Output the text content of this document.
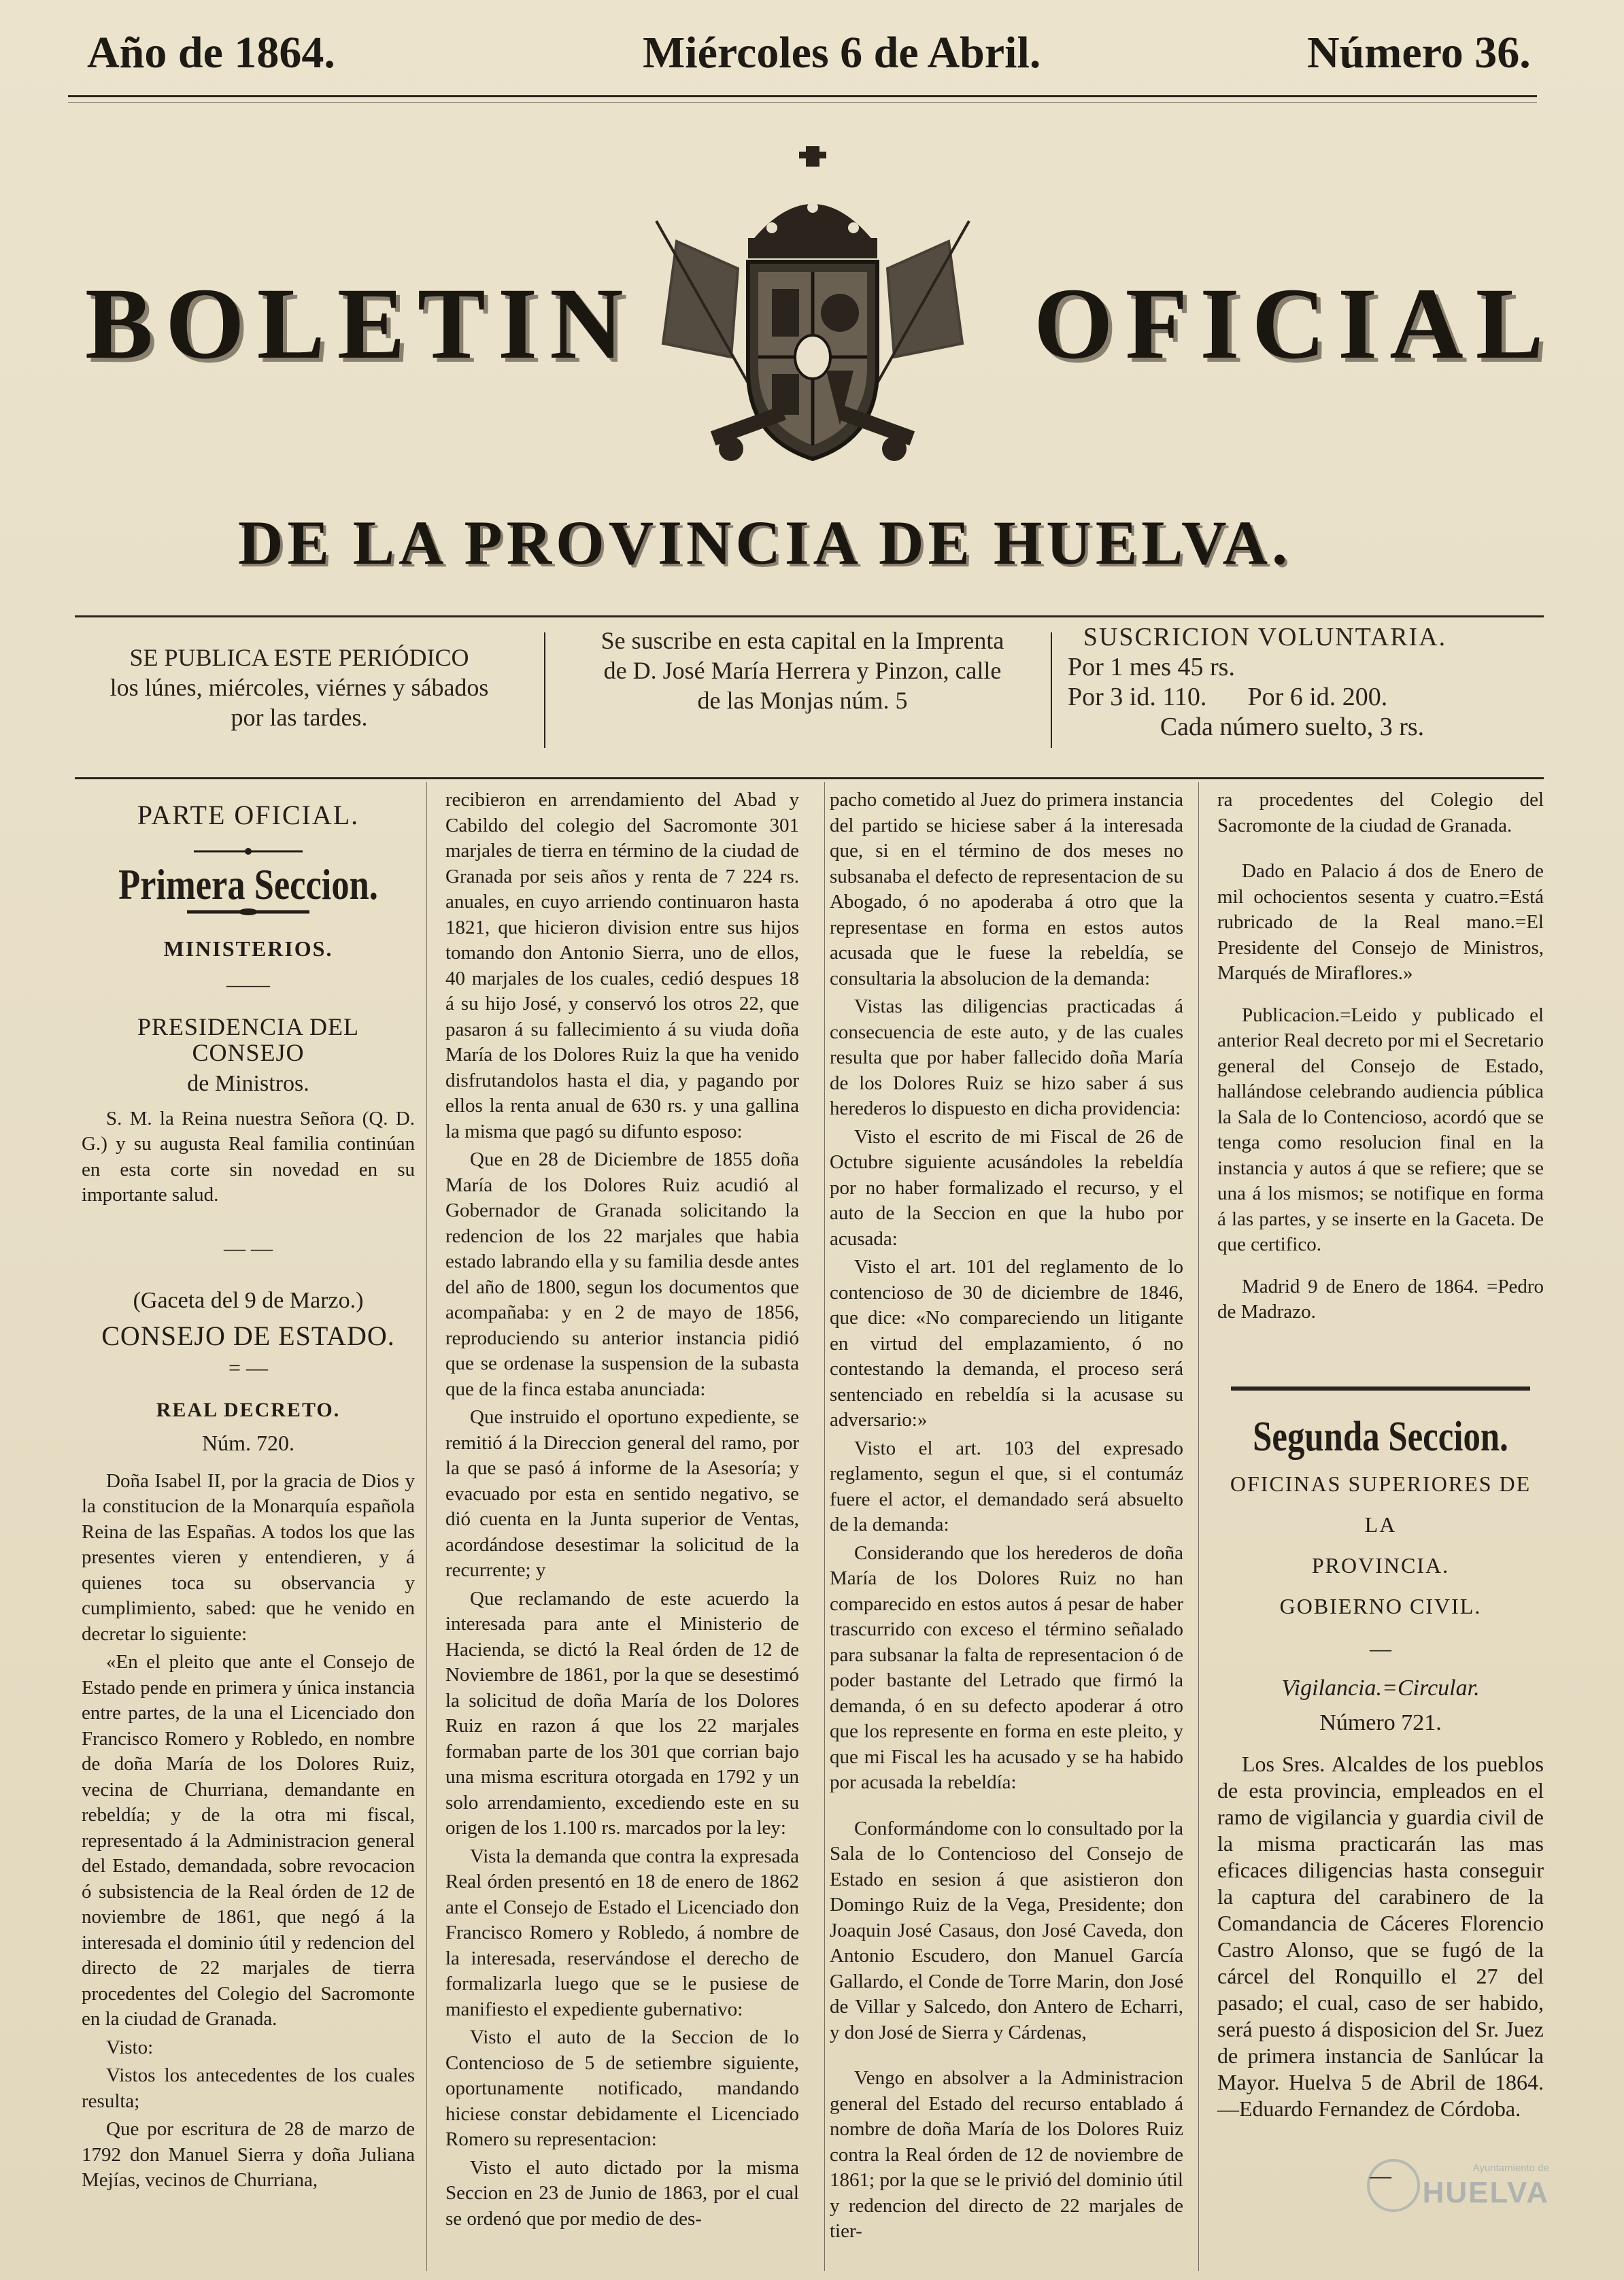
Año de 1864.	Miércoles 6 de Abril.	Número 36.
BOLETIN	OFICIAL
DE LA PROVINCIA DE HUELVA.
SE PUBLICA ESTE PERIÓDICO
los lúnes, miércoles, viérnes y sábados
por las tardes.
Se suscribe en esta capital en la Imprenta
de D. José María Herrera y Pinzon, calle
de las Monjas núm. 5
SUSCRICION VOLUNTARIA.
Por 1 mes 45 rs.
Por 3 id. 110. Por 6 id. 200.
Cada número suelto, 3 rs.
PARTE OFICIAL.
Primera Seccion.
MINISTERIOS.
——
PRESIDENCIA DEL CONSEJO
de Ministros.

S. M. la Reina nuestra Señora (Q. D. G.) y su augusta Real familia continúan en esta corte sin novedad en su importante salud.

— —
(Gaceta del 9 de Marzo.)
CONSEJO DE ESTADO.
= —
REAL DECRETO.
Núm. 720.

Doña Isabel II, por la gracia de Dios y la constitucion de la Monarquía española Reina de las Españas. A todos los que las presentes vieren y entendieren, y á quienes toca su observancia y cumplimiento, sabed: que he venido en decretar lo siguiente:

«En el pleito que ante el Consejo de Estado pende en primera y única instancia entre partes, de la una el Licenciado don Francisco Romero y Robledo, en nombre de doña María de los Dolores Ruiz, vecina de Churriana, demandante en rebeldía; y de la otra mi fiscal, representado á la Administracion general del Estado, demandada, sobre revocacion ó subsistencia de la Real órden de 12 de noviembre de 1861, que negó á la interesada el dominio útil y redencion del directo de 22 marjales de tierra procedentes del Colegio del Sacromonte en la ciudad de Granada.

Visto:

Vistos los antecedentes de los cuales resulta;

Que por escritura de 28 de marzo de 1792 don Manuel Sierra y doña Juliana Mejías, vecinos de Churriana,

recibieron en arrendamiento del Abad y Cabildo del colegio del Sacromonte 301 marjales de tierra en término de la ciudad de Granada por seis años y renta de 7 224 rs. anuales, en cuyo arriendo continuaron hasta 1821, que hicieron division entre sus hijos tomando don Antonio Sierra, uno de ellos, 40 marjales de los cuales, cedió despues 18 á su hijo José, y conservó los otros 22, que pasaron á su fallecimiento á su viuda doña María de los Dolores Ruiz la que ha venido disfrutandolos hasta el dia, y pagando por ellos la renta anual de 630 rs. y una gallina la misma que pagó su difunto esposo:

Que en 28 de Diciembre de 1855 doña María de los Dolores Ruiz acudió al Gobernador de Granada solicitando la redencion de los 22 marjales que habia estado labrando ella y su familia desde antes del año de 1800, segun los documentos que acompañaba: y en 2 de mayo de 1856, reproduciendo su anterior instancia pidió que se ordenase la suspension de la subasta que de la finca estaba anunciada:

Que instruido el oportuno expediente, se remitió á la Direccion general del ramo, por la que se pasó á informe de la Asesoría; y evacuado por esta en sentido negativo, se dió cuenta en la Junta superior de Ventas, acordándose desestimar la solicitud de la recurrente; y

Que reclamando de este acuerdo la interesada para ante el Ministerio de Hacienda, se dictó la Real órden de 12 de Noviembre de 1861, por la que se desestimó la solicitud de doña María de los Dolores Ruiz en razon á que los 22 marjales formaban parte de los 301 que corrian bajo una misma escritura otorgada en 1792 y un solo arrendamiento, excediendo este en su origen de los 1.100 rs. marcados por la ley:

Vista la demanda que contra la expresada Real órden presentó en 18 de enero de 1862 ante el Consejo de Estado el Licenciado don Francisco Romero y Robledo, á nombre de la interesada, reservándose el derecho de formalizarla luego que se le pusiese de manifiesto el expediente gubernativo:

Visto el auto de la Seccion de lo Contencioso de 5 de setiembre siguiente, oportunamente notificado, mandando hiciese constar debidamente el Licenciado Romero su representacion:

Visto el auto dictado por la misma Seccion en 23 de Junio de 1863, por el cual se ordenó que por medio de des-

pacho cometido al Juez do primera instancia del partido se hiciese saber á la interesada que, si en el término de dos meses no subsanaba el defecto de representacion de su Abogado, ó no apoderaba á otro que la representase en forma en estos autos acusada que le fuese la rebeldía, se consultaria la absolucion de la demanda:

Vistas las diligencias practicadas á consecuencia de este auto, y de las cuales resulta que por haber fallecido doña María de los Dolores Ruiz se hizo saber á sus herederos lo dispuesto en dicha providencia:

Visto el escrito de mi Fiscal de 26 de Octubre siguiente acusándoles la rebeldía por no haber formalizado el recurso, y el auto de la Seccion en que la hubo por acusada:

Visto el art. 101 del reglamento de lo contencioso de 30 de diciembre de 1846, que dice: «No compareciendo un litigante en virtud del emplazamiento, ó no contestando la demanda, el proceso será sentenciado en rebeldía si la acusase su adversario:»

Visto el art. 103 del expresado reglamento, segun el que, si el contumáz fuere el actor, el demandado será absuelto de la demanda:

Considerando que los herederos de doña María de los Dolores Ruiz no han comparecido en estos autos á pesar de haber trascurrido con exceso el término señalado para subsanar la falta de representacion ó de poder bastante del Letrado que firmó la demanda, ó en su defecto apoderar á otro que los represente en forma en este pleito, y que mi Fiscal les ha acusado y se ha habido por acusada la rebeldía:

Conformándome con lo consultado por la Sala de lo Contencioso del Consejo de Estado en sesion á que asistieron don Domingo Ruiz de la Vega, Presidente; don Joaquin José Casaus, don José Caveda, don Antonio Escudero, don Manuel García Gallardo, el Conde de Torre Marin, don José de Villar y Salcedo, don Antero de Echarri, y don José de Sierra y Cárdenas,

Vengo en absolver a la Administracion general del Estado del recurso entablado á nombre de doña María de los Dolores Ruiz contra la Real órden de 12 de noviembre de 1861; por la que se le privió del dominio útil y redencion del directo de 22 marjales de tier-

ra procedentes del Colegio del Sacromonte de la ciudad de Granada.

Dado en Palacio á dos de Enero de mil ochocientos sesenta y cuatro.=Está rubricado de la Real mano.=El Presidente del Consejo de Ministros, Marqués de Miraflores.»

Publicacion.=Leido y publicado el anterior Real decreto por mi el Secretario general del Consejo de Estado, hallándose celebrando audiencia pública la Sala de lo Contencioso, acordó que se tenga como resolucion final en la instancia y autos á que se refiere; que se una á los mismos; se notifique en forma á las partes, y se inserte en la Gaceta. De que certifico.

Madrid 9 de Enero de 1864. =Pedro de Madrazo.

Segunda Seccion.
OFICINAS SUPERIORES DE LA
PROVINCIA.
GOBIERNO CIVIL.
—
Vigilancia.=Circular.
Número 721.

Los Sres. Alcaldes de los pueblos de esta provincia, empleados en el ramo de vigilancia y guardia civil de la misma practicarán las mas eficaces diligencias hasta conseguir la captura del carabinero de la Comandancia de Cáceres Florencio Castro Alonso, que se fugó de la cárcel del Ronquillo el 27 del pasado; el cual, caso de ser habido, será puesto á disposicion del Sr. Juez de primera instancia de Sanlúcar la Mayor. Huelva 5 de Abril de 1864. —Eduardo Fernandez de Córdoba.

—	Ayuntamiento de
HUELVA
